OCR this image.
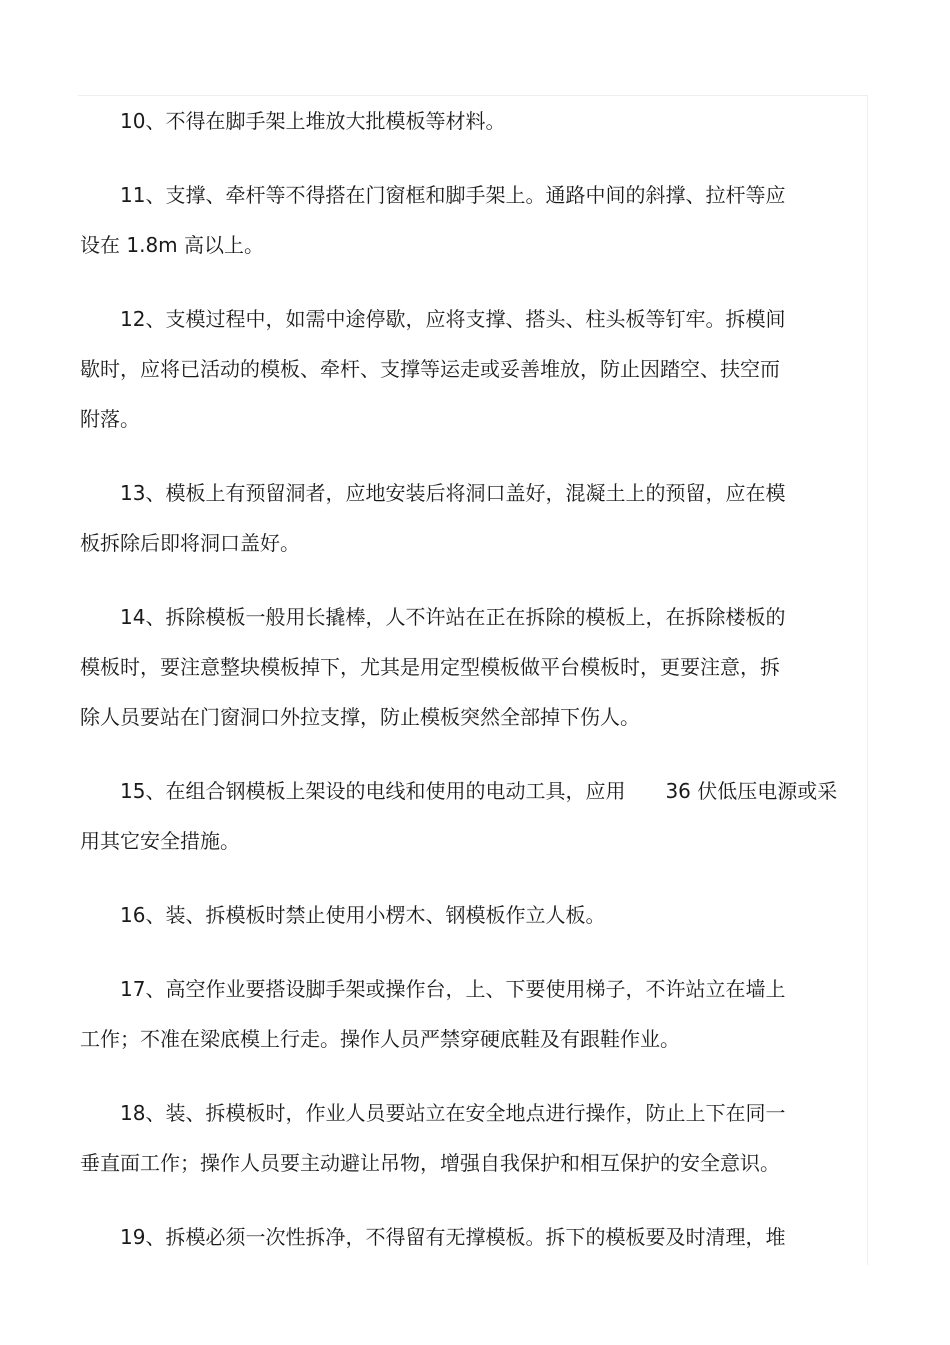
10、不得在脚手架上堆放大批模板等材料。

11、支撑、牵杆等不得搭在门窗框和脚手架上。通路中间的斜撑、拉杆等应
设在 1.8m 高以上。

12、支模过程中，如需中途停歇，应将支撑、搭头、柱头板等钉牢。拆模间
歇时，应将已活动的模板、牵杆、支撑等运走或妥善堆放，防止因踏空、扶空而
附落。

13、模板上有预留洞者，应地安装后将洞口盖好，混凝土上的预留，应在模
板拆除后即将洞口盖好。

14、拆除模板一般用长撬棒，人不许站在正在拆除的模板上，在拆除楼板的
模板时，要注意整块模板掉下，尤其是用定型模板做平台模板时，更要注意，拆
除人员要站在门窗洞口外拉支撑，防止模板突然全部掉下伤人。

15、在组合钢模板上架设的电线和使用的电动工具，应用 36 伏低压电源或采
用其它安全措施。

16、装、拆模板时禁止使用小楞木、钢模板作立人板。

17、高空作业要搭设脚手架或操作台，上、下要使用梯子，不许站立在墙上
工作；不准在梁底模上行走。操作人员严禁穿硬底鞋及有跟鞋作业。

18、装、拆模板时，作业人员要站立在安全地点进行操作，防止上下在同一
垂直面工作；操作人员要主动避让吊物，增强自我保护和相互保护的安全意识。

19、拆模必须一次性拆净，不得留有无撑模板。拆下的模板要及时清理，堆
